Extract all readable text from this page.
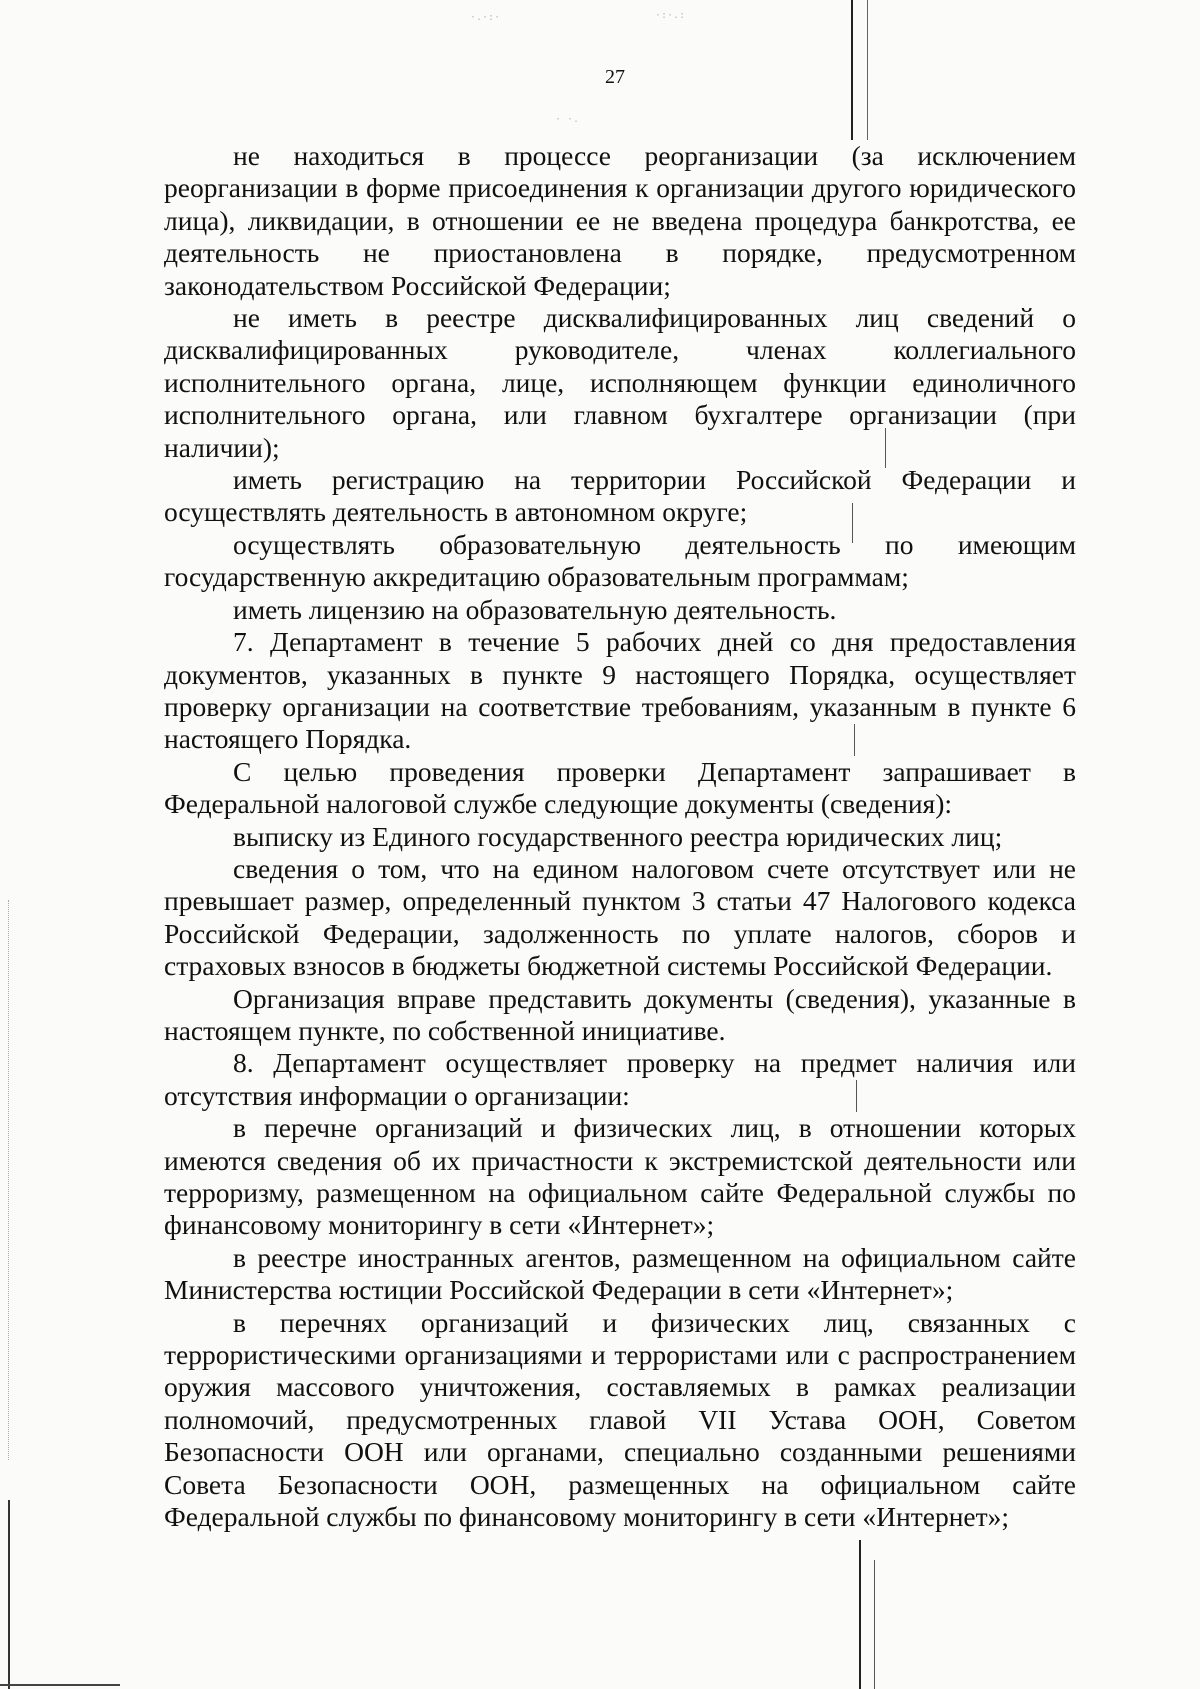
·.·:·	·:·.:
· ·.
27

не находиться в процессе реорганизации (за исключением реорганизации в форме присоединения к организации другого юридического лица), ликвидации, в отношении ее не введена процедура банкротства, ее деятельность не приостановлена в порядке, предусмотренном законодательством Российской Федерации;

не иметь в реестре дисквалифицированных лиц сведений о дисквалифицированных руководителе, членах коллегиального исполнительного органа, лице, исполняющем функции единоличного исполнительного органа, или главном бухгалтере организации (при наличии);

иметь регистрацию на территории Российской Федерации и осуществлять деятельность в автономном округе;

осуществлять образовательную деятельность по имеющим государственную аккредитацию образовательным программам;

иметь лицензию на образовательную деятельность.

7. Департамент в течение 5 рабочих дней со дня предоставления документов, указанных в пункте 9 настоящего Порядка, осуществляет проверку организации на соответствие требованиям, указанным в пункте 6 настоящего Порядка.

С целью проведения проверки Департамент запрашивает в Федеральной налоговой службе следующие документы (сведения):

выписку из Единого государственного реестра юридических лиц;

сведения о том, что на едином налоговом счете отсутствует или не превышает размер, определенный пунктом 3 статьи 47 Налогового кодекса Российской Федерации, задолженность по уплате налогов, сборов и страховых взносов в бюджеты бюджетной системы Российской Федерации.

Организация вправе представить документы (сведения), указанные в настоящем пункте, по собственной инициативе.

8. Департамент осуществляет проверку на предмет наличия или отсутствия информации о организации:

в перечне организаций и физических лиц, в отношении которых имеются сведения об их причастности к экстремистской деятельности или терроризму, размещенном на официальном сайте Федеральной службы по финансовому мониторингу в сети «Интернет»;

в реестре иностранных агентов, размещенном на официальном сайте Министерства юстиции Российской Федерации в сети «Интернет»;

в перечнях организаций и физических лиц, связанных с террористическими организациями и террористами или с распространением оружия массового уничтожения, составляемых в рамках реализации полномочий, предусмотренных главой VII Устава ООН, Советом Безопасности ООН или органами, специально созданными решениями Совета Безопасности ООН, размещенных на официальном сайте Федеральной службы по финансовому мониторингу в сети «Интернет»;
